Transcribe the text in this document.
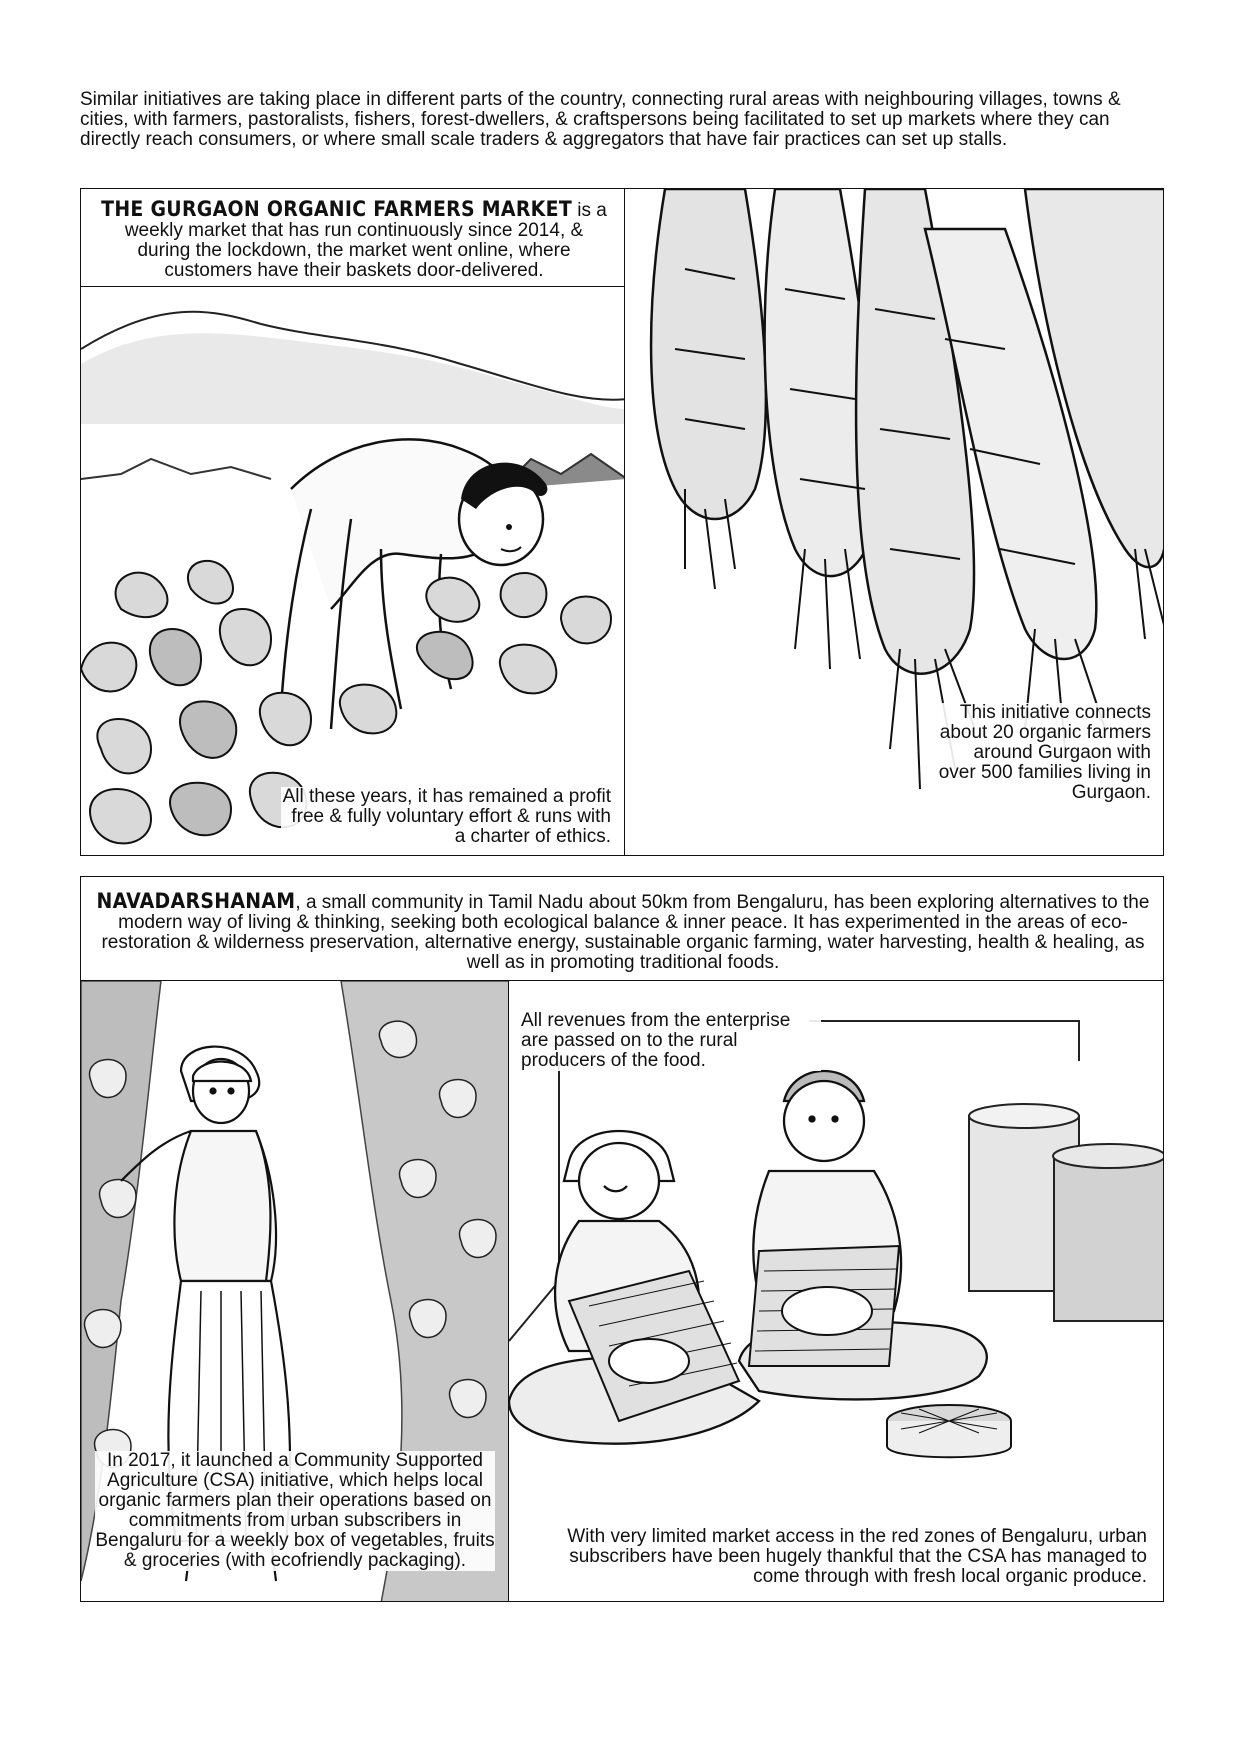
Similar initiatives are taking place in different parts of the country, connecting rural areas with neighbouring villages, towns & cities, with farmers, pastoralists, fishers, forest-dwellers, & craftspersons being facilitated to set up markets where they can directly reach consumers, or where small scale traders & aggregators that have fair practices can set up stalls.
THE GURGAON ORGANIC FARMERS MARKET is a weekly market that has run continuously since 2014, & during the lockdown, the market went online, where customers have their baskets door-delivered.
All these years, it has remained a profit free & fully voluntary effort & runs with a charter of ethics.
This initiative connects about 20 organic farmers around Gurgaon with over 500 families living in Gurgaon.
NAVADARSHANAM, a small community in Tamil Nadu about 50km from Bengaluru, has been exploring alternatives to the modern way of living & thinking, seeking both ecological balance & inner peace. It has experimented in the areas of eco-restoration & wilderness preservation, alternative energy, sustainable organic farming, water harvesting, health & healing, as well as in promoting traditional foods.
In 2017, it launched a Community Supported Agriculture (CSA) initiative, which helps local organic farmers plan their operations based on commitments from urban subscribers in Bengaluru for a weekly box of vegetables, fruits & groceries (with ecofriendly packaging).
All revenues from the enterprise are passed on to the rural producers of the food.
With very limited market access in the red zones of Bengaluru, urban subscribers have been hugely thankful that the CSA has managed to come through with fresh local organic produce.
